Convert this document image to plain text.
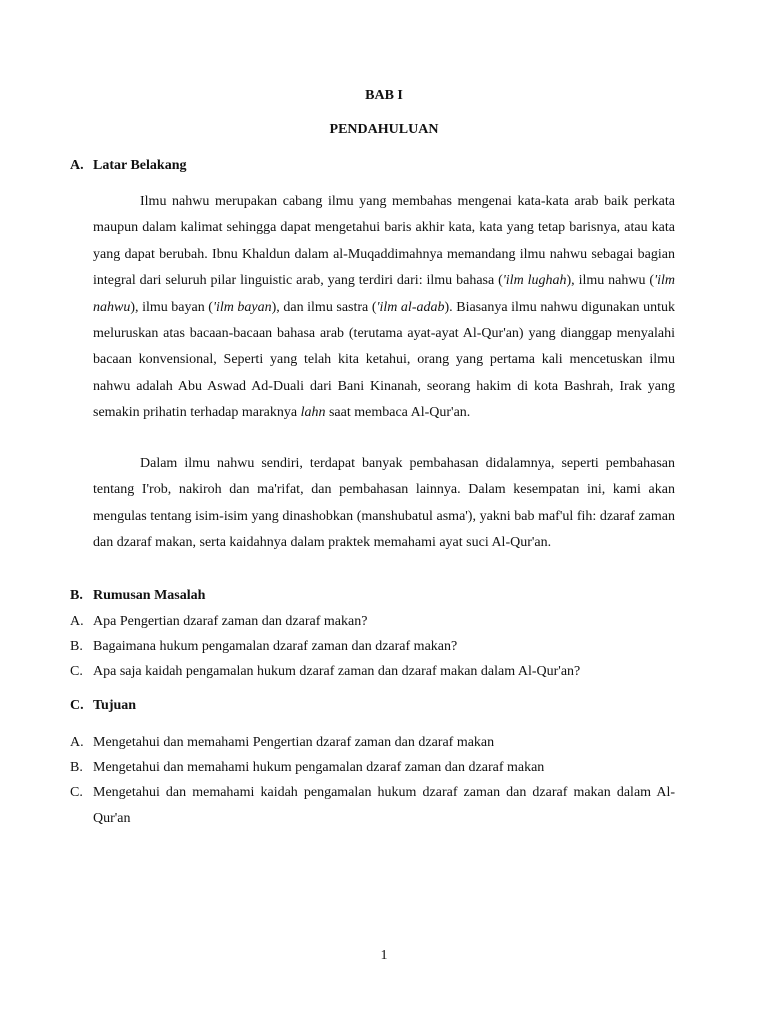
BAB I
PENDAHULUAN
A. Latar Belakang
Ilmu nahwu merupakan cabang ilmu yang membahas mengenai kata-kata arab baik perkata maupun dalam kalimat sehingga dapat mengetahui baris akhir kata, kata yang tetap barisnya, atau kata yang dapat berubah. Ibnu Khaldun dalam al-Muqaddimahnya memandang ilmu nahwu sebagai bagian integral dari seluruh pilar linguistic arab, yang terdiri dari: ilmu bahasa ('ilm lughah), ilmu nahwu ('ilm nahwu), ilmu bayan ('ilm bayan), dan ilmu sastra ('ilm al-adab). Biasanya ilmu nahwu digunakan untuk meluruskan atas bacaan-bacaan bahasa arab (terutama ayat-ayat Al-Qur'an) yang dianggap menyalahi bacaan konvensional, Seperti yang telah kita ketahui, orang yang pertama kali mencetuskan ilmu nahwu adalah Abu Aswad Ad-Duali dari Bani Kinanah, seorang hakim di kota Bashrah, Irak yang semakin prihatin terhadap maraknya lahn saat membaca Al-Qur'an.
Dalam ilmu nahwu sendiri, terdapat banyak pembahasan didalamnya, seperti pembahasan tentang I'rob, nakiroh dan ma'rifat, dan pembahasan lainnya. Dalam kesempatan ini, kami akan mengulas tentang isim-isim yang dinashobkan (manshubatul asma'), yakni bab maf'ul fih: dzaraf zaman dan dzaraf makan, serta kaidahnya dalam praktek memahami ayat suci Al-Qur'an.
B. Rumusan Masalah
A. Apa Pengertian dzaraf zaman dan dzaraf makan?
B. Bagaimana hukum pengamalan dzaraf zaman dan dzaraf makan?
C. Apa saja kaidah pengamalan hukum dzaraf zaman dan dzaraf makan dalam Al-Qur'an?
C. Tujuan
A. Mengetahui dan memahami Pengertian dzaraf zaman dan dzaraf makan
B. Mengetahui dan memahami hukum pengamalan dzaraf zaman dan dzaraf makan
C. Mengetahui dan memahami kaidah pengamalan hukum dzaraf zaman dan dzaraf makan dalam Al-Qur'an
1
